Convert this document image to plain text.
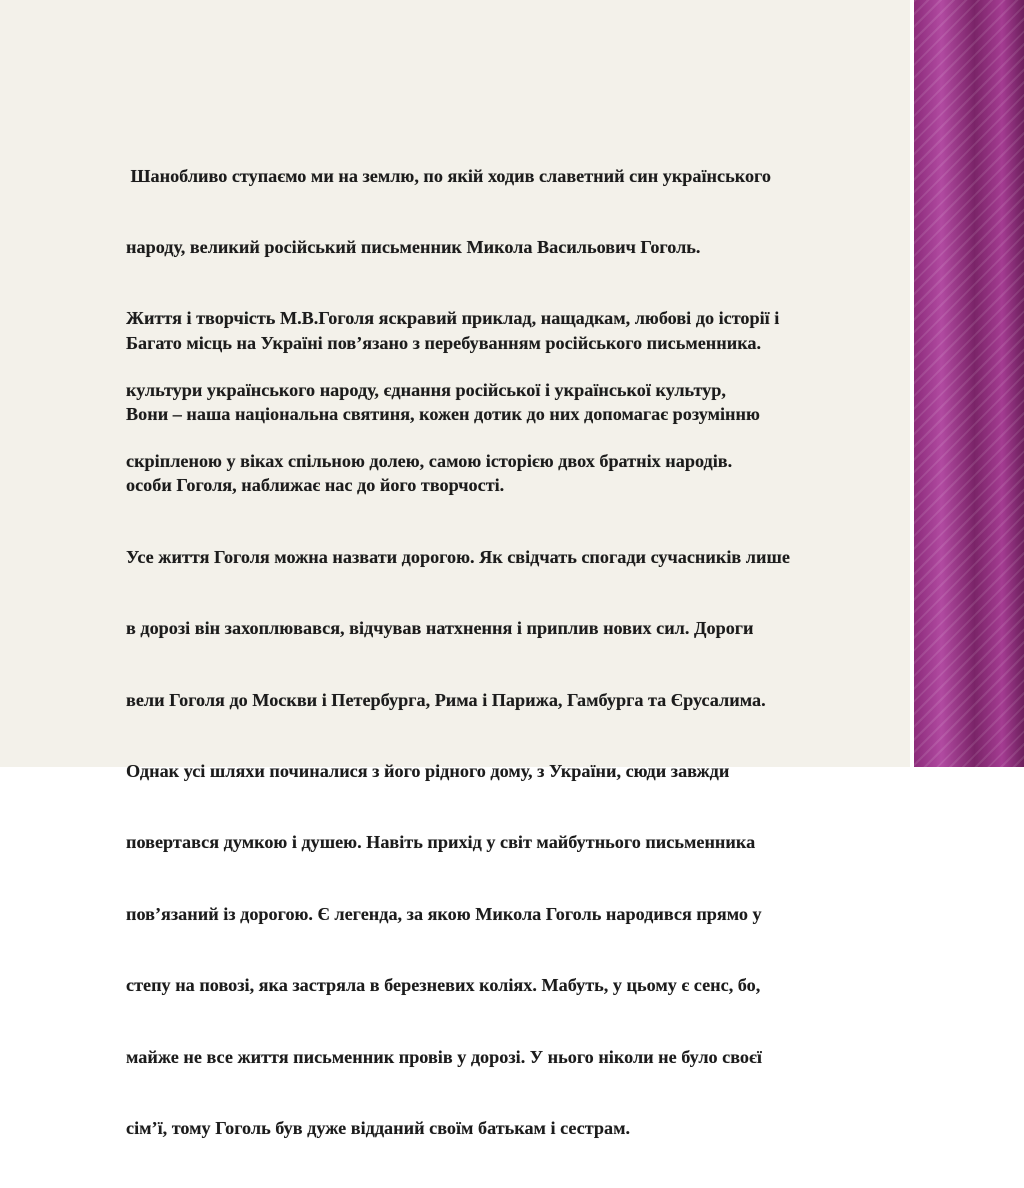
Шанобливо ступаємо ми на землю, по якій ходив славетний син українського

народу, великий російський письменник Микола Васильович Гоголь.

Життя і творчість М.В.Гоголя яскравий приклад, нащадкам, любові до історії і

культури українського народу, єднання російської і української культур,

скріпленою у віках спільною долею, самою історією двох братніх народів.

Багато місць на Україні пов’язано з перебуванням російського письменника.

Вони – наша національна святиня, кожен дотик до них допомагає розумінню

особи Гоголя, наближає нас до його творчості.

Усе життя Гоголя можна назвати дорогою. Як свідчать спогади сучасників лише

в дорозі він захоплювався, відчував натхнення і приплив нових сил. Дороги

вели Гоголя до Москви і Петербурга, Рима і Парижа, Гамбурга та Єрусалима.

Однак усі шляхи починалися з його рідного дому, з України, сюди завжди

повертався думкою і душею. Навіть прихід у світ майбутнього письменника

пов’язаний із дорогою. Є легенда, за якою Микола Гоголь народився прямо у

степу на повозі, яка застряла в березневих коліях. Мабуть, у цьому є сенс, бо,

майже не все життя письменник провів у дорозі. У нього ніколи не було своєї

сім’ї, тому Гоголь був дуже відданий своїм батькам і сестрам.
